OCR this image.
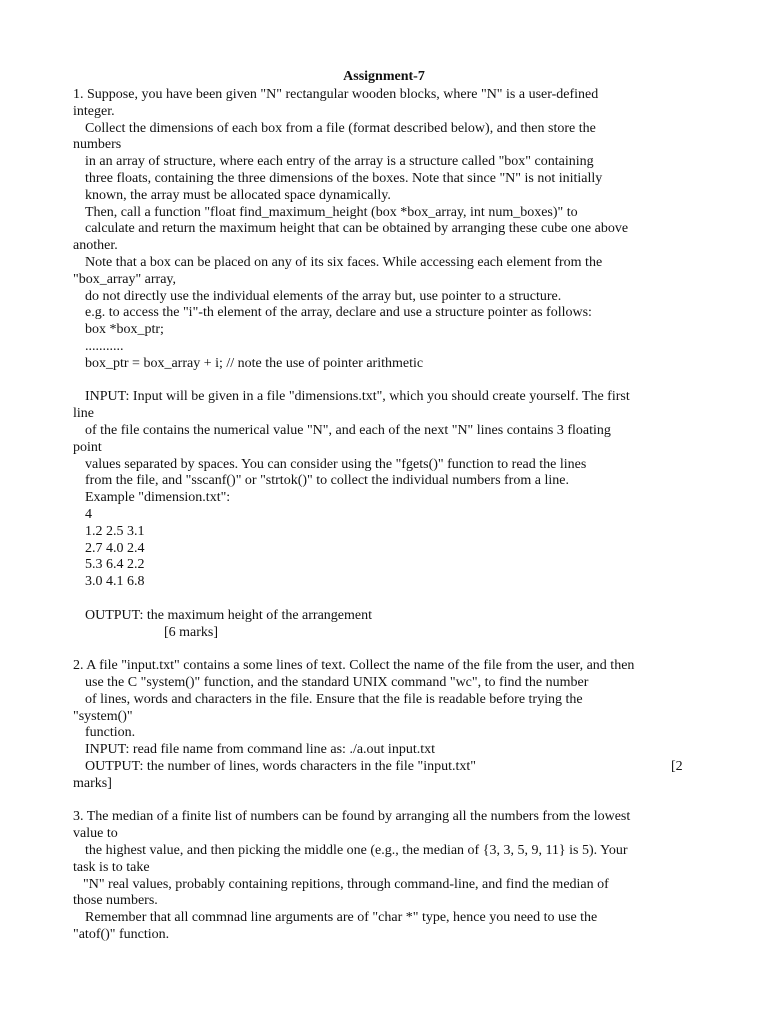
Assignment-7
1. Suppose, you have been given "N" rectangular wooden blocks, where "N" is a user-defined
integer.
Collect the dimensions of each box from a file (format described below), and then store the
numbers
in an array of structure, where each entry of the array is a structure called "box" containing
three floats, containing the three dimensions of the boxes. Note that since "N" is not initially
known, the array must be allocated space dynamically.
Then, call a function "float find_maximum_height (box *box_array, int num_boxes)" to
calculate and return the maximum height that can be obtained by arranging these cube one above
another.
Note that a box can be placed on any of its six faces. While accessing each element from the
"box_array" array,
do not directly use the individual elements of the array but, use pointer to a structure.
e.g. to access the "i"-th element of the array, declare and use a structure pointer as follows:
box *box_ptr;
...........
box_ptr = box_array + i; // note the use of pointer arithmetic
INPUT: Input will be given in a file "dimensions.txt", which you should create yourself. The first
line
of the file contains the numerical value "N", and each of the next "N" lines contains 3 floating
point
values separated by spaces. You can consider using the "fgets()" function to read the lines
from the file, and "sscanf()" or "strtok()" to collect the individual numbers from a line.
Example "dimension.txt":
4
1.2 2.5 3.1
2.7 4.0 2.4
5.3 6.4 2.2
3.0 4.1 6.8
OUTPUT: the maximum height of the arrangement
[6 marks]
2. A file "input.txt" contains a some lines of text. Collect the name of the file from the user, and then
use the C "system()" function, and the standard UNIX command "wc", to find the number
of lines, words and characters in the file. Ensure that the file is readable before trying the
"system()"
function.
INPUT: read file name from command line as: ./a.out input.txt
OUTPUT: the number of lines, words characters in the file "input.txt"	[2
marks]
3. The median of a finite list of numbers can be found by arranging all the numbers from the lowest
value to
the highest value, and then picking the middle one (e.g., the median of {3, 3, 5, 9, 11} is 5). Your
task is to take
"N" real values, probably containing repitions, through command-line, and find the median of
those numbers.
Remember that all commnad line arguments are of "char *" type, hence you need to use the
"atof()" function.
